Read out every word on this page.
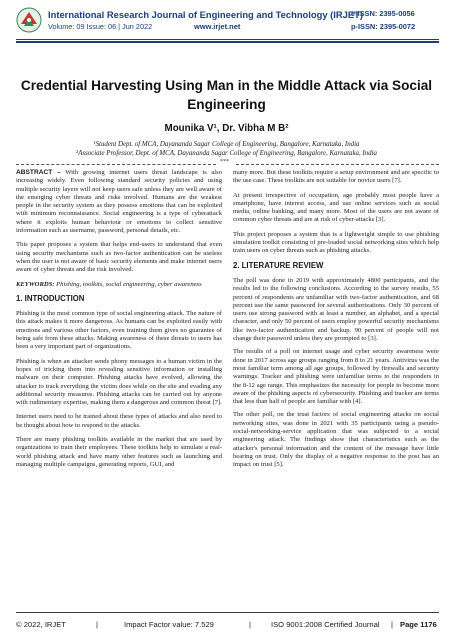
International Research Journal of Engineering and Technology (IRJET)
Volume: 09 Issue: 06 | Jun 2022	www.irjet.net
e-ISSN: 2395-0056
p-ISSN: 2395-0072
Credential Harvesting Using Man in the Middle Attack via Social Engineering
Mounika V¹, Dr. Vibha M B²
¹Student Dept. of MCA, Dayananda Sagar College of Engineering, Bangalore, Karnataka, India
²Associate Professor, Dept. of MCA, Dayananda Sagar College of Engineering, Bangalore, Karnataka, India
***

ABSTRACT – With growing internet users threat landscape is also increasing widely. Even following standard security policies and using multiple security layers will not keep users safe unless they are well aware of the emerging cyber threats and risks involved. Humans are the weakest people in the security system as they possess emotions that can be exploited with minimum reconnaissance. Social engineering is a type of cyberattack where it exploits human behaviour or emotions to collect sensitive information such as username, password, personal details, etc.

This paper proposes a system that helps end-users to understand that even using security mechanisms such as two-factor authentication can be useless when the user is not aware of basic security elements and make internet users aware of cyber threats and the risk involved.

KEYWORDS: Phishing, toolkits, social engineering, cyber awareness

1. INTRODUCTION

Phishing is the most common type of social engineering attack. The nature of this attack makes it more dangerous. As humans can be exploited easily with emotions and various other factors, even training them gives no guarantee of being safe from these attacks. Making awareness of these threats to users has been a very important part of organizations.

Phishing is when an attacker sends phony messages to a human victim in the hopes of tricking them into revealing sensitive information or installing malware on their computer. Phishing attacks have evolved, allowing the attacker to track everything the victim does while on the site and evading any additional security measures. Phishing attacks can be carried out by anyone with rudimentary expertise, making them a dangerous and common threat [7].

Internet users need to be trained about these types of attacks and also need to be thought about how to respond to the attacks.

There are many phishing toolkits available in the market that are used by organizations to train their employees. These toolkits help to simulate a real-world phishing attack and have many other features such as launching and managing multiple campaigns, generating reports, GUI, and

many more. But these toolkits require a setup environment and are specific to the use case. These toolkits are not suitable for novice users [7].

At present irrespective of occupation, age probably most people have a smartphone, have interest access, and use online services such as social media, online banking, and many more. Most of the users are not aware of common cyber threats and are at risk of cyber-attacks [3].

This project proposes a system that is a lightweight simple to use phishing simulation toolkit consisting of pre-loaded social networking sites which help train users on cyber threats such as phishing attacks.

2. LITERATURE REVIEW

The poll was done in 2019 with approximately 4800 participants, and the results led to the following conclusions. According to the survey results, 55 percent of respondents are unfamiliar with two-factor authentication, and 68 percent use the same password for several authorizations. Only 30 percent of users use strong password with at least a number, an alphabet, and a special character, and only 50 percent of users employ powerful security mechanisms like two-factor authentication and backup. 90 percent of people will not change their password unless they are prompted to [3].

The results of a poll on internet usage and cyber security awareness were done in 2017 across age groups ranging from 8 to 21 years. Antivirus was the most familiar term among all age groups, followed by firewalls and security warnings. Tracker and phishing were unfamiliar terms to the responders in the 8-12 age range. This emphasizes the necessity for people to become more aware of the phishing aspects of cybersecurity. Phishing and tracker are terms that less than half of people are familiar with [4].

The other poll, on the trust factors of social engineering attacks on social networking sites, was done in 2021 with 35 participants using a pseudo-social-networking-service application that was subjected to a social engineering attack. The findings show that characteristics such as the attacker's personal information and the content of the message have little bearing on trust. Only the display of a negative response to the post has an impact on trust [5].

© 2022, IRJET	|	Impact Factor value: 7.529	|	ISO 9001:2008 Certified Journal | Page 1176
